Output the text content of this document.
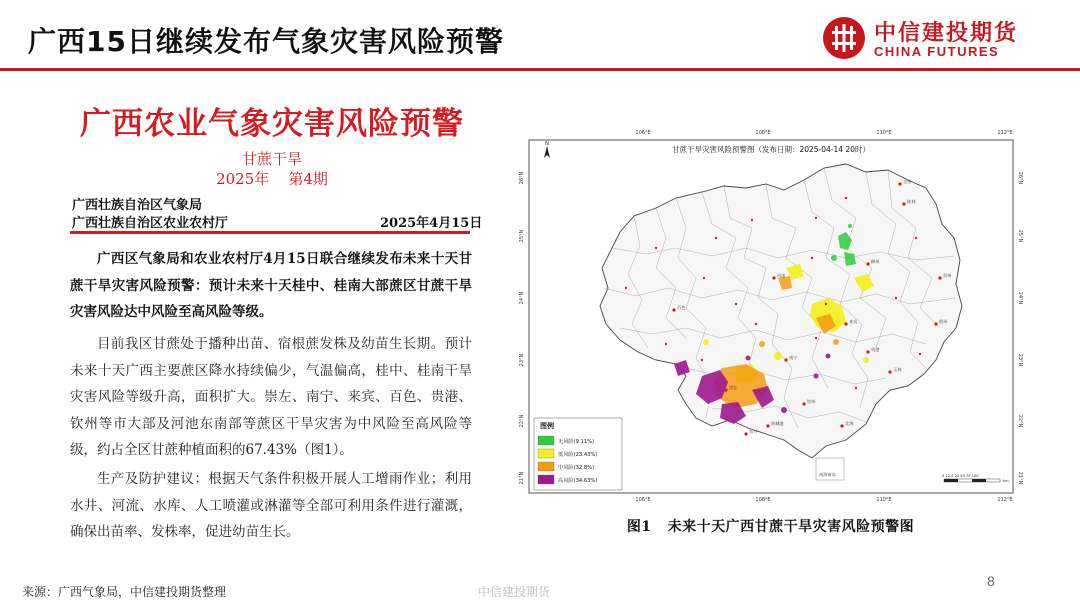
广西15日继续发布气象灾害风险预警	中信建投期货
CHINA FUTURES
广西农业气象灾害风险预警
甘蔗干旱
2025年    第4期
广西壮族自治区气象局
广西壮族自治区农业农村厅	2025年4月15日
广西区气象局和农业农村厅4月15日联合继续发布未来十天甘蔗干旱灾害风险预警：预计未来十天桂中、桂南大部蔗区甘蔗干旱灾害风险达中风险至高风险等级。
目前我区甘蔗处于播种出苗、宿根蔗发株及幼苗生长期。预计未来十天广西主要蔗区降水持续偏少，气温偏高，桂中、桂南干旱灾害风险等级升高，面积扩大。崇左、南宁、来宾、百色、贵港、钦州等市大部及河池东南部等蔗区干旱灾害为中风险至高风险等级，约占全区甘蔗种植面积的67.43%（图1）。
生产及防护建议：根据天气条件积极开展人工增雨作业；利用水井、河流、水库、人工喷灌或淋灌等全部可利用条件进行灌溉，确保出苗率、发株率，促进幼苗生长。
106°E	108°E	110°E	112°E
106°E	108°E	110°E	112°E
26°N
25°N
24°N
23°N
22°N
21°N
26°N
25°N
24°N
23°N
22°N
21°N
甘蔗干旱灾害风险预警图（发布日期：2025-04-14 20时）
N
桂林
柳州
河池
百色
南宁
来宾
贵港
梧州
玉林
钦州
北海
防城港
崇左
贺州
全州
东兴
图例
无风险(9.11%)
低风险(23.43%)
中风险(32.8%)
高风险(34.63%)
南海诸岛	0 12.5 25 50 75 100
km
图1   未来十天广西甘蔗干旱灾害风险预警图
来源：广西气象局，中信建投期货整理	中信建投期货
8
